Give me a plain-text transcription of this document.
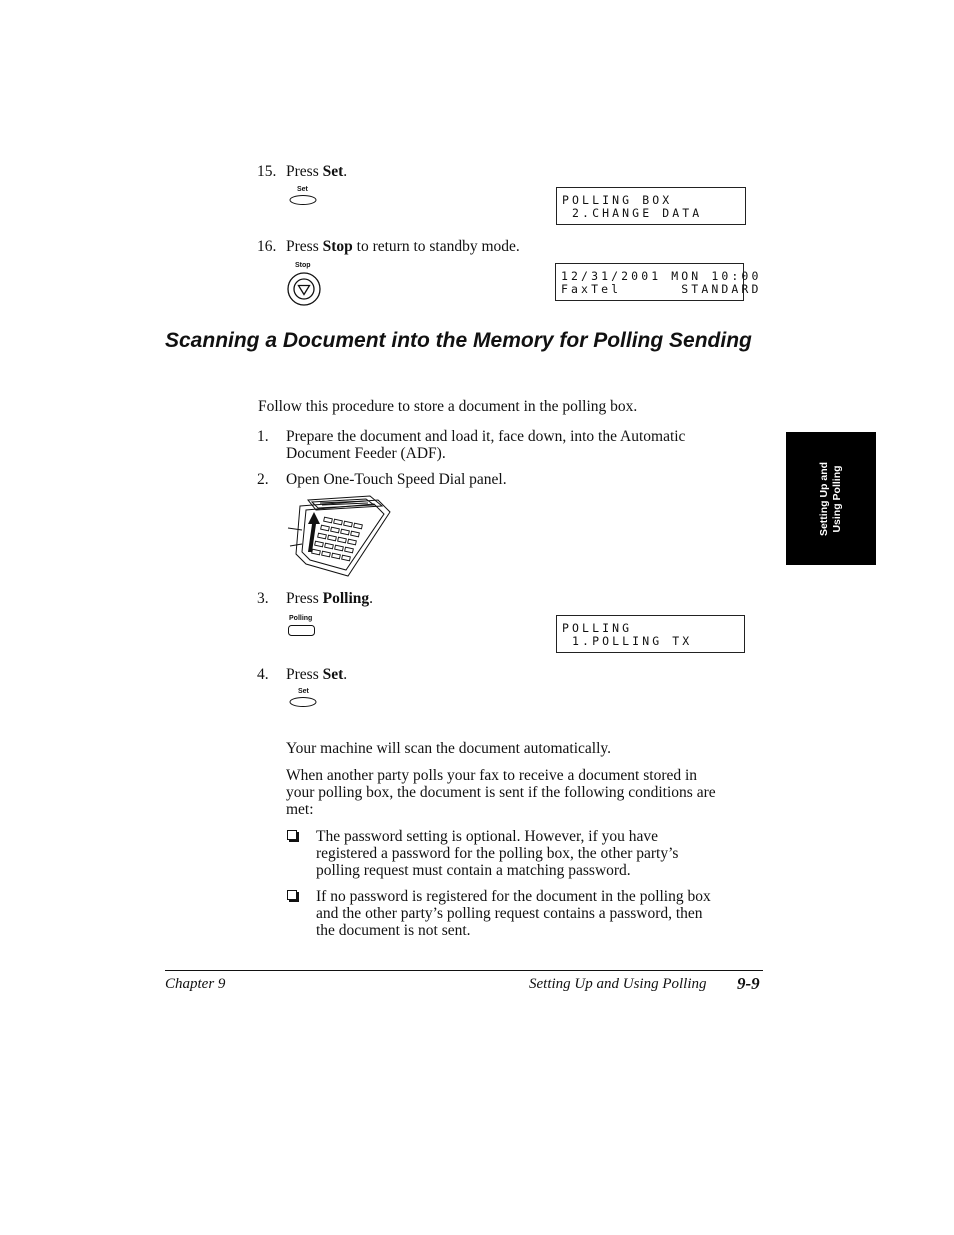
15. Press Set.
Set
POLLING BOX
2.CHANGE DATA
16. Press Stop to return to standby mode.
Stop
12/31/2001 MON 10:00
FaxTel      STANDARD
Scanning a Document into the Memory for Polling Sending
Follow this procedure to store a document in the polling box.
1.	Prepare the document and load it, face down, into the Automatic
Document Feeder (ADF).
2.	Open One-Touch Speed Dial panel.
3.	Press Polling.
Polling
POLLING
1.POLLING TX
4.	Press Set.
Set
Your machine will scan the document automatically.
When another party polls your fax to receive a document stored in
your polling box, the document is sent if the following conditions are
met:
The password setting is optional. However, if you have
registered a password for the polling box, the other party’s
polling request must contain a matching password.
If no password is registered for the document in the polling box
and the other party’s polling request contains a password, then
the document is not sent.
Setting Up and Using Polling
Chapter 9	Setting Up and Using Polling 9-9
